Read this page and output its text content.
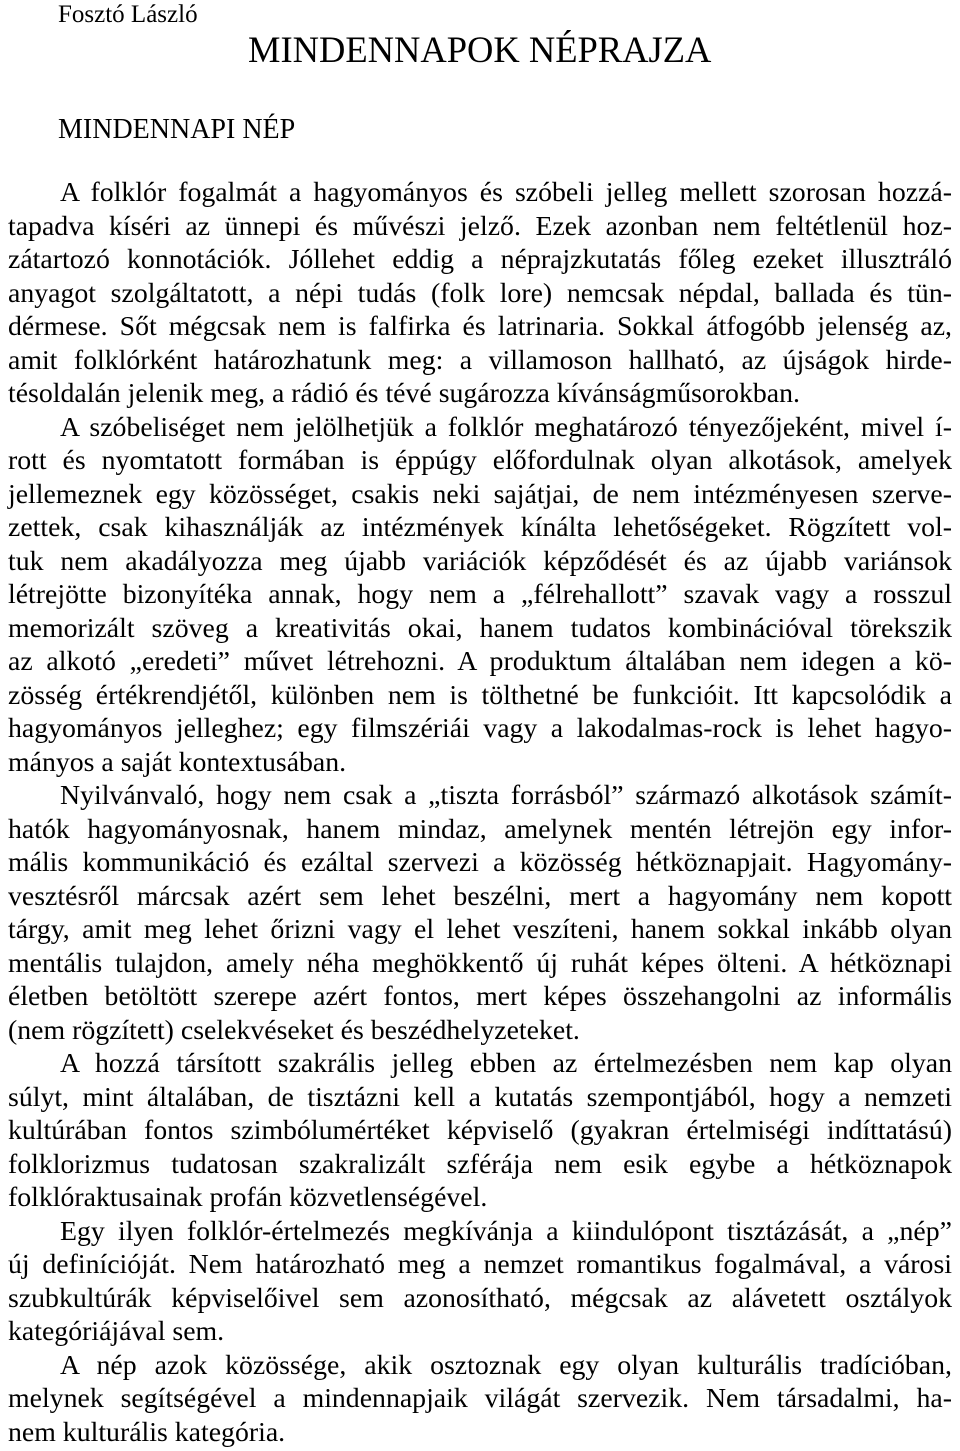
Fosztó László
MINDENNAPOK NÉPRAJZA
MINDENNAPI NÉP
A folklór fogalmát a hagyományos és szóbeli jelleg mellett szorosan hozzá-
tapadva kíséri az ünnepi és művészi jelző. Ezek azonban nem feltétlenül hoz-
zátartozó konnotációk. Jóllehet eddig a néprajzkutatás főleg ezeket illusztráló
anyagot szolgáltatott, a népi tudás (folk lore) nemcsak népdal, ballada és tün-
dérmese. Sőt mégcsak nem is falfirka és latrinaria. Sokkal átfogóbb jelenség az,
amit folklórként határozhatunk meg: a villamoson hallható, az újságok hirde-
tésoldalán jelenik meg, a rádió és tévé sugározza kívánságműsorokban.
A szóbeliséget nem jelölhetjük a folklór meghatározó tényezőjeként, mivel í-
rott és nyomtatott formában is éppúgy előfordulnak olyan alkotások, amelyek
jellemeznek egy közösséget, csakis neki sajátjai, de nem intézményesen szerve-
zettek, csak kihasználják az intézmények kínálta lehetőségeket. Rögzített vol-
tuk nem akadályozza meg újabb variációk képződését és az újabb variánsok
létrejötte bizonyítéka annak, hogy nem a „félrehallott” szavak vagy a rosszul
memorizált szöveg a kreativitás okai, hanem tudatos kombinációval törekszik
az alkotó „eredeti” művet létrehozni. A produktum általában nem idegen a kö-
zösség értékrendjétől, különben nem is tölthetné be funkcióit. Itt kapcsolódik a
hagyományos jelleghez; egy filmszériái vagy a lakodalmas-rock is lehet hagyo-
mányos a saját kontextusában.
Nyilvánvaló, hogy nem csak a „tiszta forrásból” származó alkotások számít-
hatók hagyományosnak, hanem mindaz, amelynek mentén létrejön egy infor-
mális kommunikáció és ezáltal szervezi a közösség hétköznapjait. Hagyomány-
vesztésről márcsak azért sem lehet beszélni, mert a hagyomány nem kopott
tárgy, amit meg lehet őrizni vagy el lehet veszíteni, hanem sokkal inkább olyan
mentális tulajdon, amely néha meghökkentő új ruhát képes ölteni. A hétköznapi
életben betöltött szerepe azért fontos, mert képes összehangolni az informális
(nem rögzített) cselekvéseket és beszédhelyzeteket.
A hozzá társított szakrális jelleg ebben az értelmezésben nem kap olyan
súlyt, mint általában, de tisztázni kell a kutatás szempontjából, hogy a nemzeti
kultúrában fontos szimbólumértéket képviselő (gyakran értelmiségi indíttatású)
folklorizmus tudatosan szakralizált szférája nem esik egybe a hétköznapok
folklóraktusainak profán közvetlenségével.
Egy ilyen folklór-értelmezés megkívánja a kiindulópont tisztázását, a „nép”
új definícióját. Nem határozható meg a nemzet romantikus fogalmával, a városi
szubkultúrák képviselőivel sem azonosítható, mégcsak az alávetett osztályok
kategóriájával sem.
A nép azok közössége, akik osztoznak egy olyan kulturális tradícióban,
melynek segítségével a mindennapjaik világát szervezik. Nem társadalmi, ha-
nem kulturális kategória.
